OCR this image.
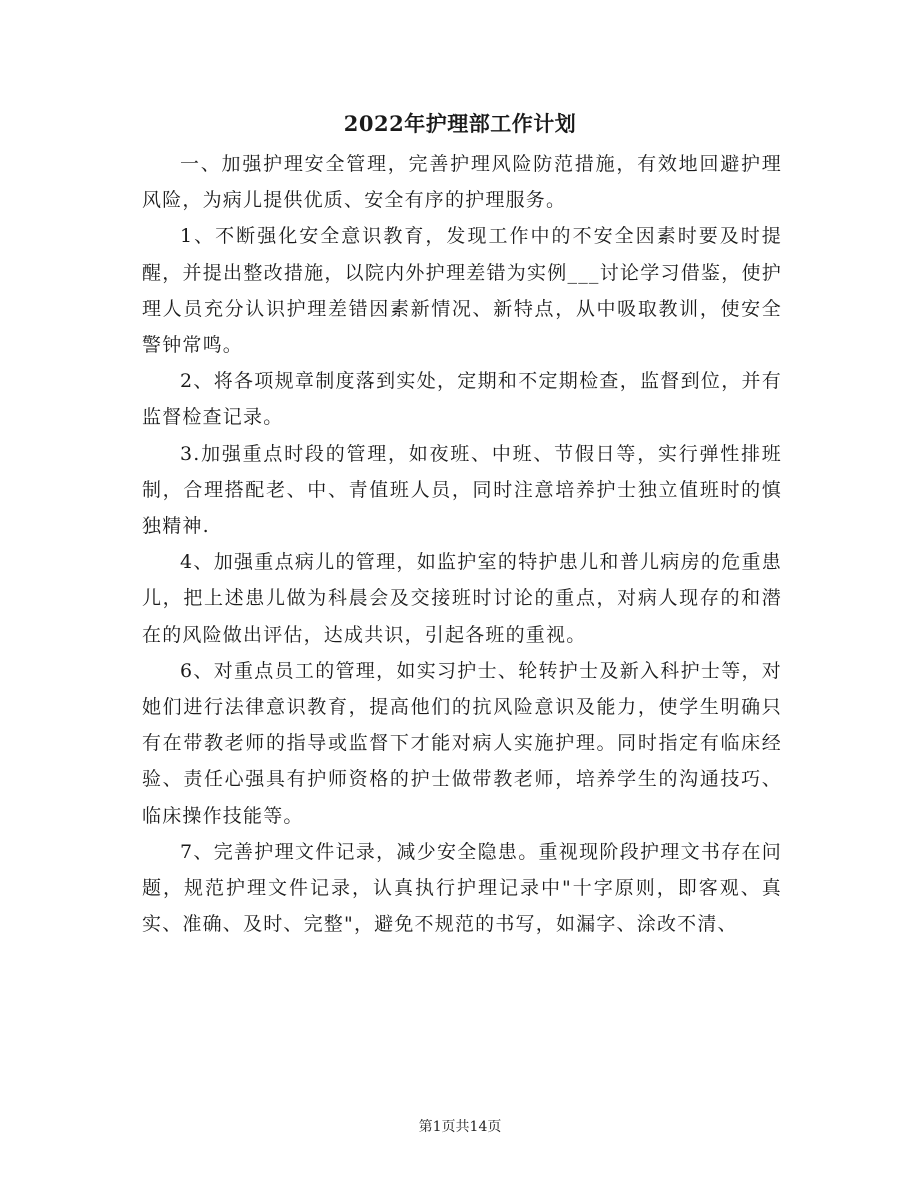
2022年护理部工作计划

一、加强护理安全管理，完善护理风险防范措施，有效地回避护理风险，为病儿提供优质、安全有序的护理服务。

1、不断强化安全意识教育，发现工作中的不安全因素时要及时提醒，并提出整改措施，以院内外护理差错为实例___讨论学习借鉴，使护理人员充分认识护理差错因素新情况、新特点，从中吸取教训，使安全警钟常鸣。

2、将各项规章制度落到实处，定期和不定期检查，监督到位，并有监督检查记录。

3.加强重点时段的管理，如夜班、中班、节假日等，实行弹性排班制，合理搭配老、中、青值班人员，同时注意培养护士独立值班时的慎独精神.

4、加强重点病儿的管理，如监护室的特护患儿和普儿病房的危重患儿，把上述患儿做为科晨会及交接班时讨论的重点，对病人现存的和潜在的风险做出评估，达成共识，引起各班的重视。

6、对重点员工的管理，如实习护士、轮转护士及新入科护士等，对她们进行法律意识教育，提高他们的抗风险意识及能力，使学生明确只有在带教老师的指导或监督下才能对病人实施护理。同时指定有临床经验、责任心强具有护师资格的护士做带教老师，培养学生的沟通技巧、临床操作技能等。

7、完善护理文件记录，减少安全隐患。重视现阶段护理文书存在问题，规范护理文件记录，认真执行护理记录中"十字原则，即客观、真实、准确、及时、完整"，避免不规范的书写，如漏字、涂改不清、

第1页共14页
